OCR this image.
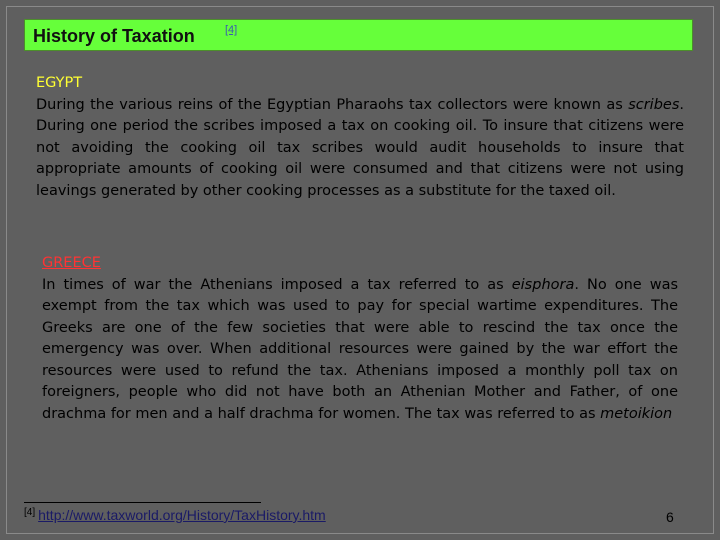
History of Taxation	[4]
EGYPT

During the various reins of the Egyptian Pharaohs tax collectors were known as scribes. During one period the scribes imposed a tax on cooking oil. To insure that citizens were not avoiding the cooking oil tax scribes would audit households to insure that appropriate amounts of cooking oil were consumed and that citizens were not using leavings generated by other cooking processes as a substitute for the taxed oil.

GREECE

In times of war the Athenians imposed a tax referred to as eisphora. No one was exempt from the tax which was used to pay for special wartime expenditures. The Greeks are one of the few societies that were able to rescind the tax once the emergency was over. When additional resources were gained by the war effort the resources were used to refund the tax. Athenians imposed a monthly poll tax on foreigners, people who did not have both an Athenian Mother and Father, of one drachma for men and a half drachma for women. The tax was referred to as metoikion

[4] http://www.taxworld.org/History/TaxHistory.htm	6
